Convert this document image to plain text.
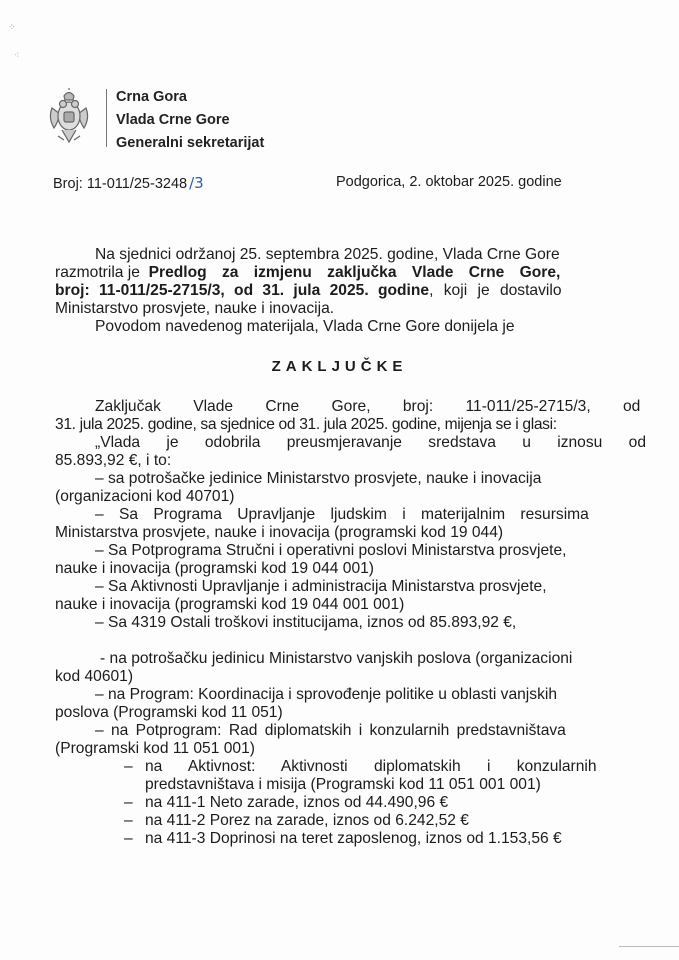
⁘
⁖
Crna Gora
Vlada Crne Gore
Generalni sekretarijat
Broj: 11-011/25-3248 /3	Podgorica, 2. oktobar 2025. godine
Na sjednici održanoj 25. septembra 2025. godine, Vlada Crne Gore
razmotrila je Predlog za izmjenu zaključka Vlade Crne Gore,
broj: 11-011/25-2715/3, od 31. jula 2025. godine, koji je dostavilo
Ministarstvo prosvjete, nauke i inovacija.
Povodom navedenog materijala, Vlada Crne Gore donijela je
ZAKLJUČKE
Zaključak Vlade Crne Gore, broj: 11-011/25-2715/3, od
31. jula 2025. godine, sa sjednice od 31. jula 2025. godine, mijenja se i glasi:
„Vlada je odobrila preusmjeravanje sredstava u iznosu od
85.893,92 €, i to:
– sa potrošačke jedinice Ministarstvo prosvjete, nauke i inovacija
(organizacioni kod 40701)
– Sa Programa Upravljanje ljudskim i materijalnim resursima
Ministarstva prosvjete, nauke i inovacija (programski kod 19 044)
– Sa Potprograma Stručni i operativni poslovi Ministarstva prosvjete,
nauke i inovacija (programski kod 19 044 001)
– Sa Aktivnosti Upravljanje i administracija Ministarstva prosvjete,
nauke i inovacija (programski kod 19 044 001 001)
– Sa 4319 Ostali troškovi institucijama, iznos od 85.893,92 €,
- na potrošačku jedinicu Ministarstvo vanjskih poslova (organizacioni
kod 40601)
– na Program: Koordinacija i sprovođenje politike u oblasti vanjskih
poslova (Programski kod 11 051)
– na Potprogram: Rad diplomatskih i konzularnih predstavništava
(Programski kod 11 051 001)
– na Aktivnost: Aktivnosti diplomatskih i konzularnih
predstavništava i misija (Programski kod 11 051 001 001)
– na 411-1 Neto zarade, iznos od 44.490,96 €
– na 411-2 Porez na zarade, iznos od 6.242,52 €
– na 411-3 Doprinosi na teret zaposlenog, iznos od 1.153,56 €
